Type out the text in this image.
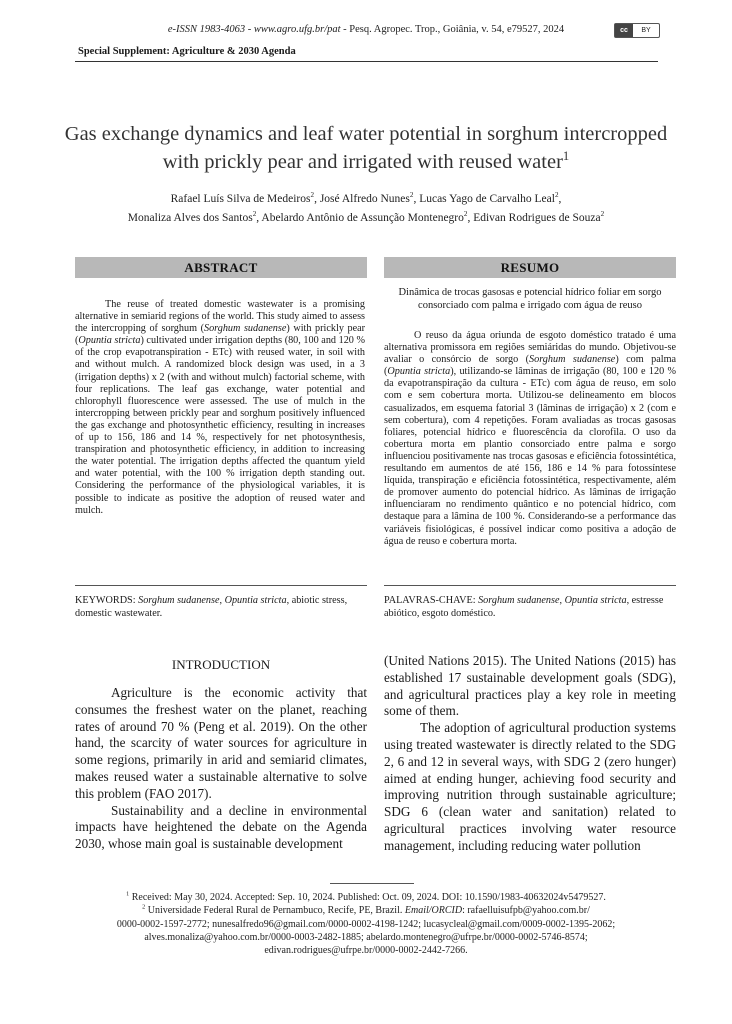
e-ISSN 1983-4063 - www.agro.ufg.br/pat - Pesq. Agropec. Trop., Goiânia, v. 54, e79527, 2024	cc	BY
Special Supplement: Agriculture & 2030 Agenda
Gas exchange dynamics and leaf water potential in sorghum intercropped with prickly pear and irrigated with reused water$^1$
Rafael Luís Silva de Medeiros$^2$, José Alfredo Nunes$^2$, Lucas Yago de Carvalho Leal$^2$,
Monaliza Alves dos Santos$^2$, Abelardo Antônio de Assunção Montenegro$^2$, Edivan Rodrigues de Souza$^2$
ABSTRACT
The reuse of treated domestic wastewater is a promising alternative in semiarid regions of the world. This study aimed to assess the intercropping of sorghum (Sorghum sudanense) with prickly pear (Opuntia stricta) cultivated under irrigation depths (80, 100 and 120 % of the crop evapotranspiration - ETc) with reused water, in soil with and without mulch. A randomized block design was used, in a 3 (irrigation depths) x 2 (with and without mulch) factorial scheme, with four replications. The leaf gas exchange, water potential and chlorophyll fluorescence were assessed. The use of mulch in the intercropping between prickly pear and sorghum positively influenced the gas exchange and photosynthetic efficiency, resulting in increases of up to 156, 186 and 14 %, respectively for net photosynthesis, transpiration and photosynthetic efficiency, in addition to increasing the water potential. The irrigation depths affected the quantum yield and water potential, with the 100 % irrigation depth standing out. Considering the performance of the physiological variables, it is possible to indicate as positive the adoption of reused water and mulch.
KEYWORDS: Sorghum sudanense, Opuntia stricta, abiotic stress, domestic wastewater.
RESUMO
Dinâmica de trocas gasosas e potencial hídrico foliar em sorgo consorciado com palma e irrigado com água de reuso
O reuso da água oriunda de esgoto doméstico tratado é uma alternativa promissora em regiões semiáridas do mundo. Objetivou-se avaliar o consórcio de sorgo (Sorghum sudanense) com palma (Opuntia stricta), utilizando-se lâminas de irrigação (80, 100 e 120 % da evapotranspiração da cultura - ETc) com água de reuso, em solo com e sem cobertura morta. Utilizou-se delineamento em blocos casualizados, em esquema fatorial 3 (lâminas de irrigação) x 2 (com e sem cobertura), com 4 repetições. Foram avaliadas as trocas gasosas foliares, potencial hídrico e fluorescência da clorofila. O uso da cobertura morta em plantio consorciado entre palma e sorgo influenciou positivamente nas trocas gasosas e eficiência fotossintética, resultando em aumentos de até 156, 186 e 14 % para fotossíntese líquida, transpiração e eficiência fotossintética, respectivamente, além de promover aumento do potencial hídrico. As lâminas de irrigação influenciaram no rendimento quântico e no potencial hídrico, com destaque para a lâmina de 100 %. Considerando-se a performance das variáveis fisiológicas, é possível indicar como positiva a adoção de água de reuso e cobertura morta.
PALAVRAS-CHAVE: Sorghum sudanense, Opuntia stricta, estresse abiótico, esgoto doméstico.
INTRODUCTION

Agriculture is the economic activity that consumes the freshest water on the planet, reaching rates of around 70 % (Peng et al. 2019). On the other hand, the scarcity of water sources for agriculture in some regions, primarily in arid and semiarid climates, makes reused water a sustainable alternative to solve this problem (FAO 2017).

Sustainability and a decline in environmental impacts have heightened the debate on the Agenda 2030, whose main goal is sustainable development

(United Nations 2015). The United Nations (2015) has established 17 sustainable development goals (SDG), and agricultural practices play a key role in meeting some of them.

The adoption of agricultural production systems using treated wastewater is directly related to the SDG 2, 6 and 12 in several ways, with SDG 2 (zero hunger) aimed at ending hunger, achieving food security and improving nutrition through sustainable agriculture; SDG 6 (clean water and sanitation) related to agricultural practices involving water resource management, including reducing water pollution

$^1$ Received: May 30, 2024. Accepted: Sep. 10, 2024. Published: Oct. 09, 2024. DOI: 10.1590/1983-40632024v5479527.
$^2$ Universidade Federal Rural de Pernambuco, Recife, PE, Brazil. Email/ORCID: rafaelluisufpb@yahoo.com.br/
0000-0002-1597-2772; nunesalfredo96@gmail.com/0000-0002-4198-1242; lucasycleal@gmail.com/0009-0002-1395-2062;
alves.monaliza@yahoo.com.br/0000-0003-2482-1885; abelardo.montenegro@ufrpe.br/0000-0002-5746-8574;
edivan.rodrigues@ufrpe.br/0000-0002-2442-7266.
